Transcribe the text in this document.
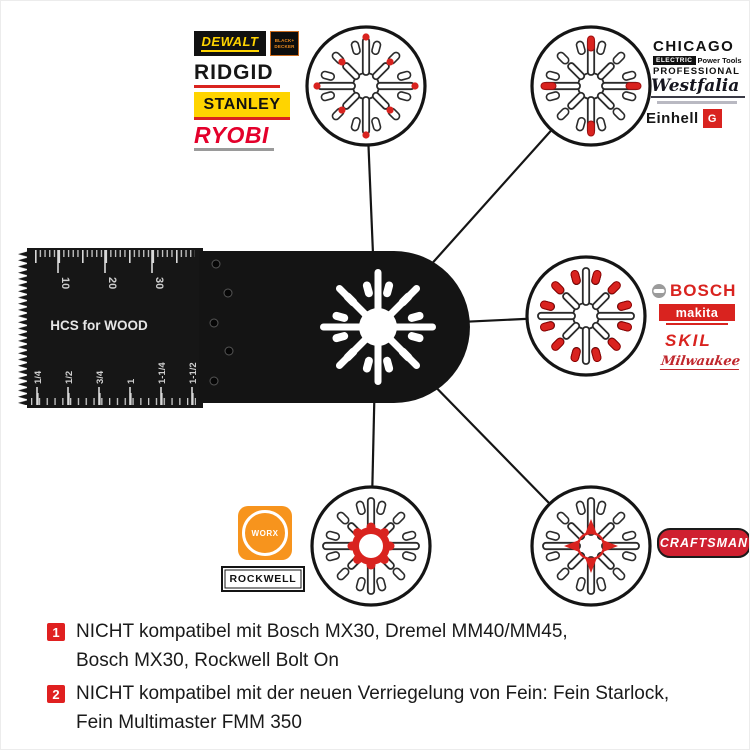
10	20	30
1/4 1/2 3/4 1 1-1/4 1-1/2
HCS for WOOD
DEWALT	BLACK+
DECKER
RIDGID
STANLEY
RYOBI
CHICAGO
ELECTRIC Power Tools
PROFESSIONAL
Westfalia
Einhell G
BOSCH
makita
SKIL
Milwaukee
WORX
ROCKWELL
CRAFTSMAN
1 NICHT kompatibel mit Bosch MX30, Dremel MM40/MM45,
Bosch MX30, Rockwell Bolt On
2 NICHT kompatibel mit der neuen Verriegelung von Fein: Fein Starlock,
Fein Multimaster FMM 350
